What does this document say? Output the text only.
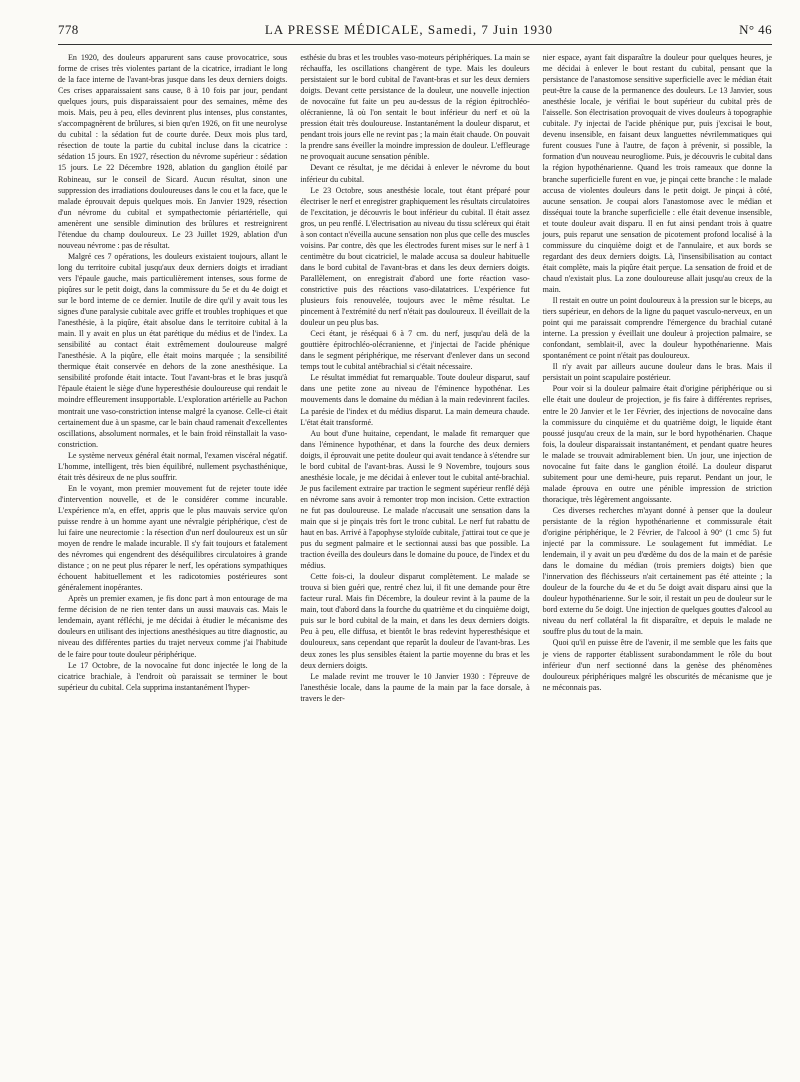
778	LA PRESSE MÉDICALE, Samedi, 7 Juin 1930	N° 46

En 1920, des douleurs apparurent sans cause provocatrice, sous forme de crises très violentes partant de la cicatrice, irradiant le long de la face interne de l'avant-bras jusque dans les deux derniers doigts. Ces crises apparaissaient sans cause, 8 à 10 fois par jour, pendant quelques jours, puis disparaissaient pour des semaines, même des mois. Mais, peu à peu, elles devinrent plus intenses, plus constantes, s'accompagnèrent de brûlures, si bien qu'en 1926, on fit une neurolyse du cubital : la sédation fut de courte durée. Deux mois plus tard, résection de toute la partie du cubital incluse dans la cicatrice : sédation 15 jours. En 1927, résection du névrome supérieur : sédation 15 jours. Le 22 Décembre 1928, ablation du ganglion étoilé par Robineau, sur le conseil de Sicard. Aucun résultat, sinon une suppression des irradiations douloureuses dans le cou et la face, que le malade éprouvait depuis quelques mois. En Janvier 1929, résection d'un névrome du cubital et sympathectomie périartérielle, qui amenèrent une sensible diminution des brûlures et restreignirent l'étendue du champ douloureux. Le 23 Juillet 1929, ablation d'un nouveau névrome : pas de résultat.

Malgré ces 7 opérations, les douleurs existaient toujours, allant le long du territoire cubital jusqu'aux deux derniers doigts et irradiant vers l'épaule gauche, mais particulièrement intenses, sous forme de piqûres sur le petit doigt, dans la commissure du 5e et du 4e doigt et sur le bord interne de ce dernier. Inutile de dire qu'il y avait tous les signes d'une paralysie cubitale avec griffe et troubles trophiques et que l'anesthésie, à la piqûre, était absolue dans le territoire cubital à la main. Il y avait en plus un état parétique du médius et de l'index. La sensibilité au contact était extrêmement douloureuse malgré l'anesthésie. A la piqûre, elle était moins marquée ; la sensibilité thermique était conservée en dehors de la zone anesthésique. La sensibilité profonde était intacte. Tout l'avant-bras et le bras jusqu'à l'épaule étaient le siège d'une hyperesthésie douloureuse qui rendait le moindre effleurement insupportable. L'exploration artérielle au Pachon montrait une vaso-constriction intense malgré la cyanose. Celle-ci était certainement due à un spasme, car le bain chaud ramenait d'excellentes oscillations, absolument normales, et le bain froid réinstallait la vaso-constriction.

Le système nerveux général était normal, l'examen viscéral négatif. L'homme, intelligent, très bien équilibré, nullement psychasthénique, était très désireux de ne plus souffrir.

En le voyant, mon premier mouvement fut de rejeter toute idée d'intervention nouvelle, et de le considérer comme incurable. L'expérience m'a, en effet, appris que le plus mauvais service qu'on puisse rendre à un homme ayant une névralgie périphérique, c'est de lui faire une neurectomie : la résection d'un nerf douloureux est un sûr moyen de rendre le malade incurable. Il s'y fait toujours et fatalement des névromes qui engendrent des déséquilibres circulatoires à grande distance ; on ne peut plus réparer le nerf, les opérations sympathiques échouent habituellement et les radicotomies postérieures sont généralement inopérantes.

Après un premier examen, je fis donc part à mon entourage de ma ferme décision de ne rien tenter dans un aussi mauvais cas. Mais le lendemain, ayant réfléchi, je me décidai à étudier le mécanisme des douleurs en utilisant des injections anesthésiques au titre diagnostic, au niveau des différentes parties du trajet nerveux comme j'ai l'habitude de le faire pour toute douleur périphérique.

Le 17 Octobre, de la novocaïne fut donc injectée le long de la cicatrice brachiale, à l'endroit où paraissait se terminer le bout supérieur du cubital. Cela supprima instantanément l'hyper-

esthésie du bras et les troubles vaso-moteurs périphériques. La main se réchauffa, les oscillations changèrent de type. Mais les douleurs persistaient sur le bord cubital de l'avant-bras et sur les deux derniers doigts. Devant cette persistance de la douleur, une nouvelle injection de novocaïne fut faite un peu au-dessus de la région épitrochléo-olécranienne, là où l'on sentait le bout inférieur du nerf et où la pression était très douloureuse. Instantanément la douleur disparut, et pendant trois jours elle ne revint pas ; la main était chaude. On pouvait la prendre sans éveiller la moindre impression de douleur. L'effleurage ne provoquait aucune sensation pénible.

Devant ce résultat, je me décidai à enlever le névrome du bout inférieur du cubital.

Le 23 Octobre, sous anesthésie locale, tout étant préparé pour électriser le nerf et enregistrer graphiquement les résultats circulatoires de l'excitation, je découvris le bout inférieur du cubital. Il était assez gros, un peu renflé. L'électrisation au niveau du tissu scléreux qui était à son contact n'éveilla aucune sensation non plus que celle des muscles voisins. Par contre, dès que les électrodes furent mises sur le nerf à 1 centimètre du bout cicatriciel, le malade accusa sa douleur habituelle dans le bord cubital de l'avant-bras et dans les deux derniers doigts. Parallèlement, on enregistrait d'abord une forte réaction vaso-constrictive puis des réactions vaso-dilatatrices. L'expérience fut plusieurs fois renouvelée, toujours avec le même résultat. Le pincement à l'extrémité du nerf n'était pas douloureux. Il éveillait de la douleur un peu plus bas.

Ceci étant, je réséquai 6 à 7 cm. du nerf, jusqu'au delà de la gouttière épitrochléo-olécranienne, et j'injectai de l'acide phénique dans le segment périphérique, me réservant d'enlever dans un second temps tout le cubital antébrachial si c'était nécessaire.

Le résultat immédiat fut remarquable. Toute douleur disparut, sauf dans une petite zone au niveau de l'éminence hypothénar. Les mouvements dans le domaine du médian à la main redevinrent faciles. La parésie de l'index et du médius disparut. La main demeura chaude. L'état était transformé.

Au bout d'une huitaine, cependant, le malade fit remarquer que dans l'éminence hypothénar, et dans la fourche des deux derniers doigts, il éprouvait une petite douleur qui avait tendance à s'étendre sur le bord cubital de l'avant-bras. Aussi le 9 Novembre, toujours sous anesthésie locale, je me décidai à enlever tout le cubital anté-brachial. Je pus facilement extraire par traction le segment supérieur renflé déjà en névrome sans avoir à remonter trop mon incision. Cette extraction ne fut pas douloureuse. Le malade n'accusait une sensation dans la main que si je pinçais très fort le tronc cubital. Le nerf fut rabattu de haut en bas. Arrivé à l'apophyse styloïde cubitale, j'attirai tout ce que je pus du segment palmaire et le sectionnai aussi bas que possible. La traction éveilla des douleurs dans le domaine du pouce, de l'index et du médius.

Cette fois-ci, la douleur disparut complètement. Le malade se trouva si bien guéri que, rentré chez lui, il fit une demande pour être facteur rural. Mais fin Décembre, la douleur revint à la paume de la main, tout d'abord dans la fourche du quatrième et du cinquième doigt, puis sur le bord cubital de la main, et dans les deux derniers doigts. Peu à peu, elle diffusa, et bientôt le bras redevint hyperesthésique et douloureux, sans cependant que reparût la douleur de l'avant-bras. Les deux zones les plus sensibles étaient la partie moyenne du bras et les deux derniers doigts.

Le malade revint me trouver le 10 Janvier 1930 : l'épreuve de l'anesthésie locale, dans la paume de la main par la face dorsale, à travers le der-

nier espace, ayant fait disparaître la douleur pour quelques heures, je me décidai à enlever le bout restant du cubital, pensant que la persistance de l'anastomose sensitive superficielle avec le médian était peut-être la cause de la permanence des douleurs. Le 13 Janvier, sous anesthésie locale, je vérifiai le bout supérieur du cubital près de l'aisselle. Son électrisation provoquait de vives douleurs à topographie cubitale. J'y injectai de l'acide phénique pur, puis j'excisai le bout, devenu insensible, en faisant deux languettes névrilemmatiques qui furent cousues l'une à l'autre, de façon à prévenir, si possible, la formation d'un nouveau neurogliome. Puis, je découvris le cubital dans la région hypothénarienne. Quand les trois rameaux que donne la branche superficielle furent en vue, je pinçai cette branche : le malade accusa de violentes douleurs dans le petit doigt. Je pinçai à côté, aucune sensation. Je coupai alors l'anastomose avec le médian et disséquai toute la branche superficielle : elle était devenue insensible, et toute douleur avait disparu. Il en fut ainsi pendant trois à quatre jours, puis reparut une sensation de picotement profond localisé à la commissure du cinquième doigt et de l'annulaire, et aux bords se regardant des deux derniers doigts. Là, l'insensibilisation au contact était complète, mais la piqûre était perçue. La sensation de froid et de chaud n'existait plus. La zone douloureuse allait jusqu'au creux de la main.

Il restait en outre un point douloureux à la pression sur le biceps, au tiers supérieur, en dehors de la ligne du paquet vasculo-nerveux, en un point qui me paraissait comprendre l'émergence du brachial cutané interne. La pression y éveillait une douleur à projection palmaire, se confondant, semblait-il, avec la douleur hypothénarienne. Mais spontanément ce point n'était pas douloureux.

Il n'y avait par ailleurs aucune douleur dans le bras. Mais il persistait un point scapulaire postérieur.

Pour voir si la douleur palmaire était d'origine périphérique ou si elle était une douleur de projection, je fis faire à différentes reprises, entre le 20 Janvier et le 1er Février, des injections de novocaïne dans la commissure du cinquième et du quatrième doigt, le liquide étant poussé jusqu'au creux de la main, sur le bord hypothénarien. Chaque fois, la douleur disparaissait instantanément, et pendant quatre heures le malade se trouvait admirablement bien. Un jour, une injection de novocaïne fut faite dans le ganglion étoilé. La douleur disparut subitement pour une demi-heure, puis reparut. Pendant un jour, le malade éprouva en outre une pénible impression de striction thoracique, très légèrement angoissante.

Ces diverses recherches m'ayant donné à penser que la douleur persistante de la région hypothénarienne et commissurale était d'origine périphérique, le 2 Février, de l'alcool à 90° (1 cmc 5) fut injecté par la commissure. Le soulagement fut immédiat. Le lendemain, il y avait un peu d'œdème du dos de la main et de parésie dans le domaine du médian (trois premiers doigts) bien que l'innervation des fléchisseurs n'ait certainement pas été atteinte ; la douleur de la fourche du 4e et du 5e doigt avait disparu ainsi que la douleur hypothénarienne. Sur le soir, il restait un peu de douleur sur le bord externe du 5e doigt. Une injection de quelques gouttes d'alcool au niveau du nerf collatéral la fit disparaître, et depuis le malade ne souffre plus du tout de la main.

Quoi qu'il en puisse être de l'avenir, il me semble que les faits que je viens de rapporter établissent surabondamment le rôle du bout inférieur d'un nerf sectionné dans la genèse des phénomènes douloureux périphériques malgré les obscurités de mécanisme que je ne méconnais pas.
